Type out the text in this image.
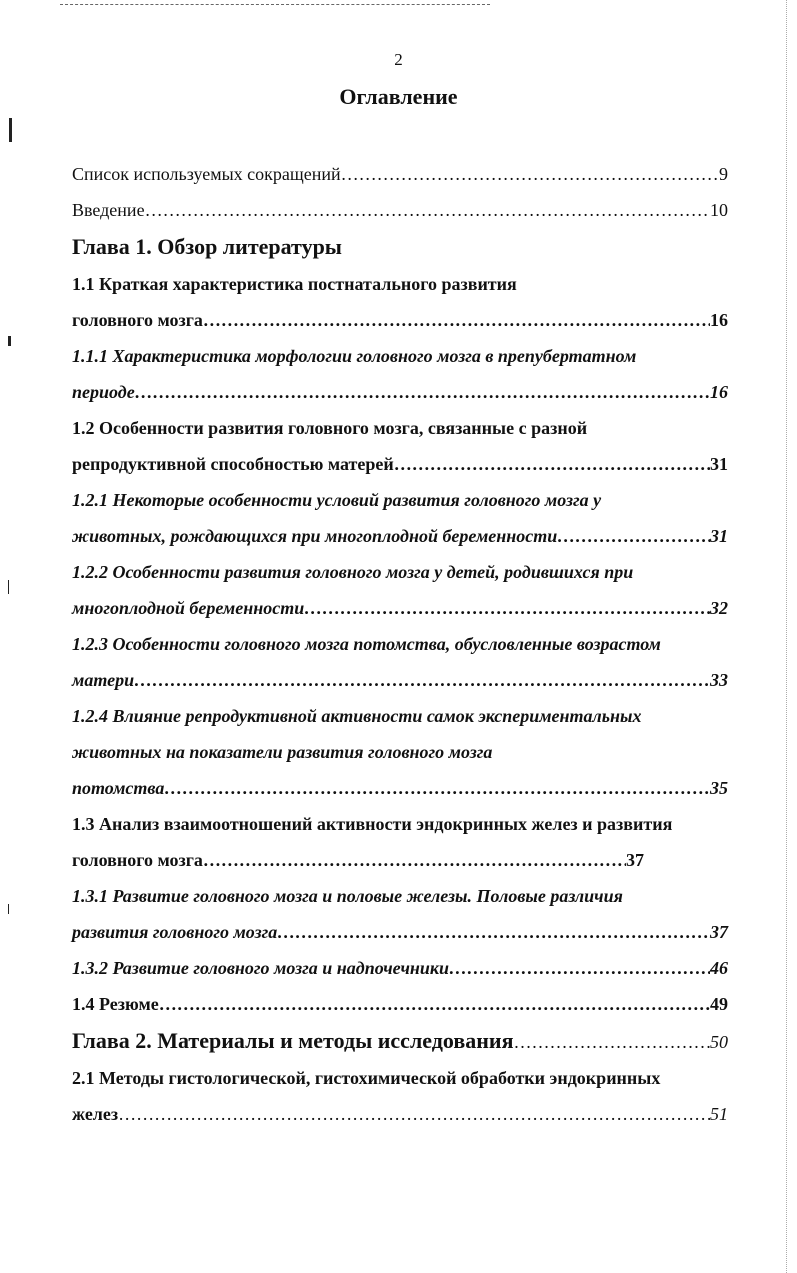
2
Оглавление
Список используемых сокращений ……………………………………………………………………………………………………………………………………………………………………………………	9
Введение ……………………………………………………………………………………………………………………………………………………………………………………	10
Глава 1. Обзор литературы
1.1 Краткая характеристика постнатального развития
головного мозга ……………………………………………………………………………………………………………………………………………………………………………………	16
1.1.1 Характеристика морфологии головного мозга в препубертатном
периоде ……………………………………………………………………………………………………………………………………………………………………………………	16
1.2 Особенности развития головного мозга, связанные с разной
репродуктивной способностью матерей ……………………………………………………………………………………………………………………………………………………………………………………	31
1.2.1 Некоторые особенности условий развития головного мозга у
животных, рождающихся при многоплодной беременности ……………………………………………………………………………………………………………………………………………………………………………………	31
1.2.2 Особенности развития головного мозга у детей, родившихся при
многоплодной беременности ……………………………………………………………………………………………………………………………………………………………………………………	32
1.2.3 Особенности головного мозга потомства, обусловленные возрастом
матери ……………………………………………………………………………………………………………………………………………………………………………………	33
1.2.4 Влияние репродуктивной активности самок экспериментальных
животных на показатели развития головного мозга
потомства ……………………………………………………………………………………………………………………………………………………………………………………	35
1.3 Анализ взаимоотношений активности эндокринных желез и развития
головного мозга ……………………………………………………………………………………………………………………………………………………………………………………	37
1.3.1 Развитие головного мозга и половые железы. Половые различия
развития головного мозга ……………………………………………………………………………………………………………………………………………………………………………………	37
1.3.2 Развитие головного мозга и надпочечники ……………………………………………………………………………………………………………………………………………………………………………………	46
1.4 Резюме ……………………………………………………………………………………………………………………………………………………………………………………	49
Глава 2. Материалы и методы исследования ……………………………………………………………………………………………………………………………………………………………………………………	50
2.1 Методы гистологической, гистохимической обработки эндокринных
желез ……………………………………………………………………………………………………………………………………………………………………………………	51
